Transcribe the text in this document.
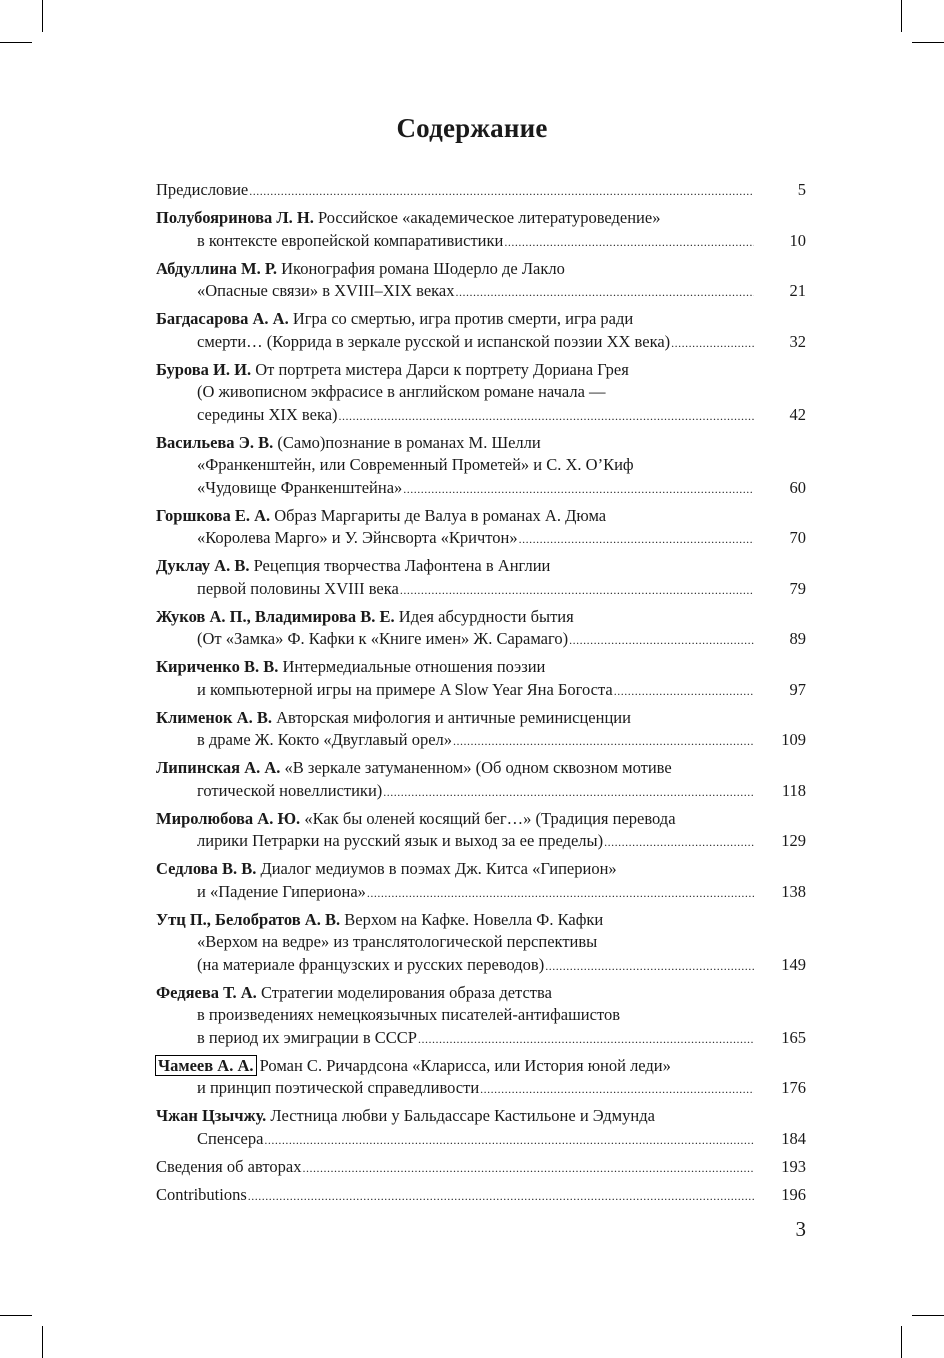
Содержание
Предисловие .....	5
Полубояринова Л. Н. Российское «академическое литературоведение»
в контексте европейской компаративистики .....	10
Абдуллина М. Р. Иконография романа Шодерло де Лакло
«Опасные связи» в XVIII–XIX веках .....	21
Багдасарова А. А. Игра со смертью, игра против смерти, игра ради
смерти… (Коррида в зеркале русской и испанской поэзии XX века) .....	32
Бурова И. И. От портрета мистера Дарси к портрету Дориана Грея
(О живописном экфрасисе в английском романе начала —
середины XIX века) .....	42
Васильева Э. В. (Само)познание в романах М. Шелли
«Франкенштейн, или Современный Прометей» и С. Х. О’Киф
«Чудовище Франкенштейна» .....	60
Горшкова Е. А. Образ Маргариты де Валуа в романах А. Дюма
«Королева Марго» и У. Эйнсворта «Кричтон» .....	70
Дуклау А. В. Рецепция творчества Лафонтена в Англии
первой половины XVIII века .....	79
Жуков А. П., Владимирова В. Е. Идея абсурдности бытия
(От «Замка» Ф. Кафки к «Книге имен» Ж. Сарамаго) .....	89
Кириченко В. В. Интермедиальные отношения поэзии
и компьютерной игры на примере A Slow Year Яна Богоста .....	97
Клименок А. В. Авторская мифология и античные реминисценции
в драме Ж. Кокто «Двуглавый орел» .....	109
Липинская А. А. «В зеркале затуманенном» (Об одном сквозном мотиве
готической новеллистики) .....	118
Миролюбова А. Ю. «Как бы оленей косящий бег…» (Традиция перевода
лирики Петрарки на русский язык и выход за ее пределы) .....	129
Седлова В. В. Диалог медиумов в поэмах Дж. Китса «Гиперион»
и «Падение Гипериона» .....	138
Утц П., Белобратов А. В. Верхом на Кафке. Новелла Ф. Кафки
«Верхом на ведре» из транслятологической перспективы
(на материале французских и русских переводов) .....	149
Федяева Т. А. Стратегии моделирования образа детства
в произведениях немецкоязычных писателей-антифашистов
в период их эмиграции в СССР .....	165
Чамеев А. А. Роман С. Ричардсона «Кларисса, или История юной леди»
и принцип поэтической справедливости .....	176
Чжан Цзычжу. Лестница любви у Бальдассаре Кастильоне и Эдмунда
Спенсера .....	184
Сведения об авторах .....	193
Contributions .....	196
3
